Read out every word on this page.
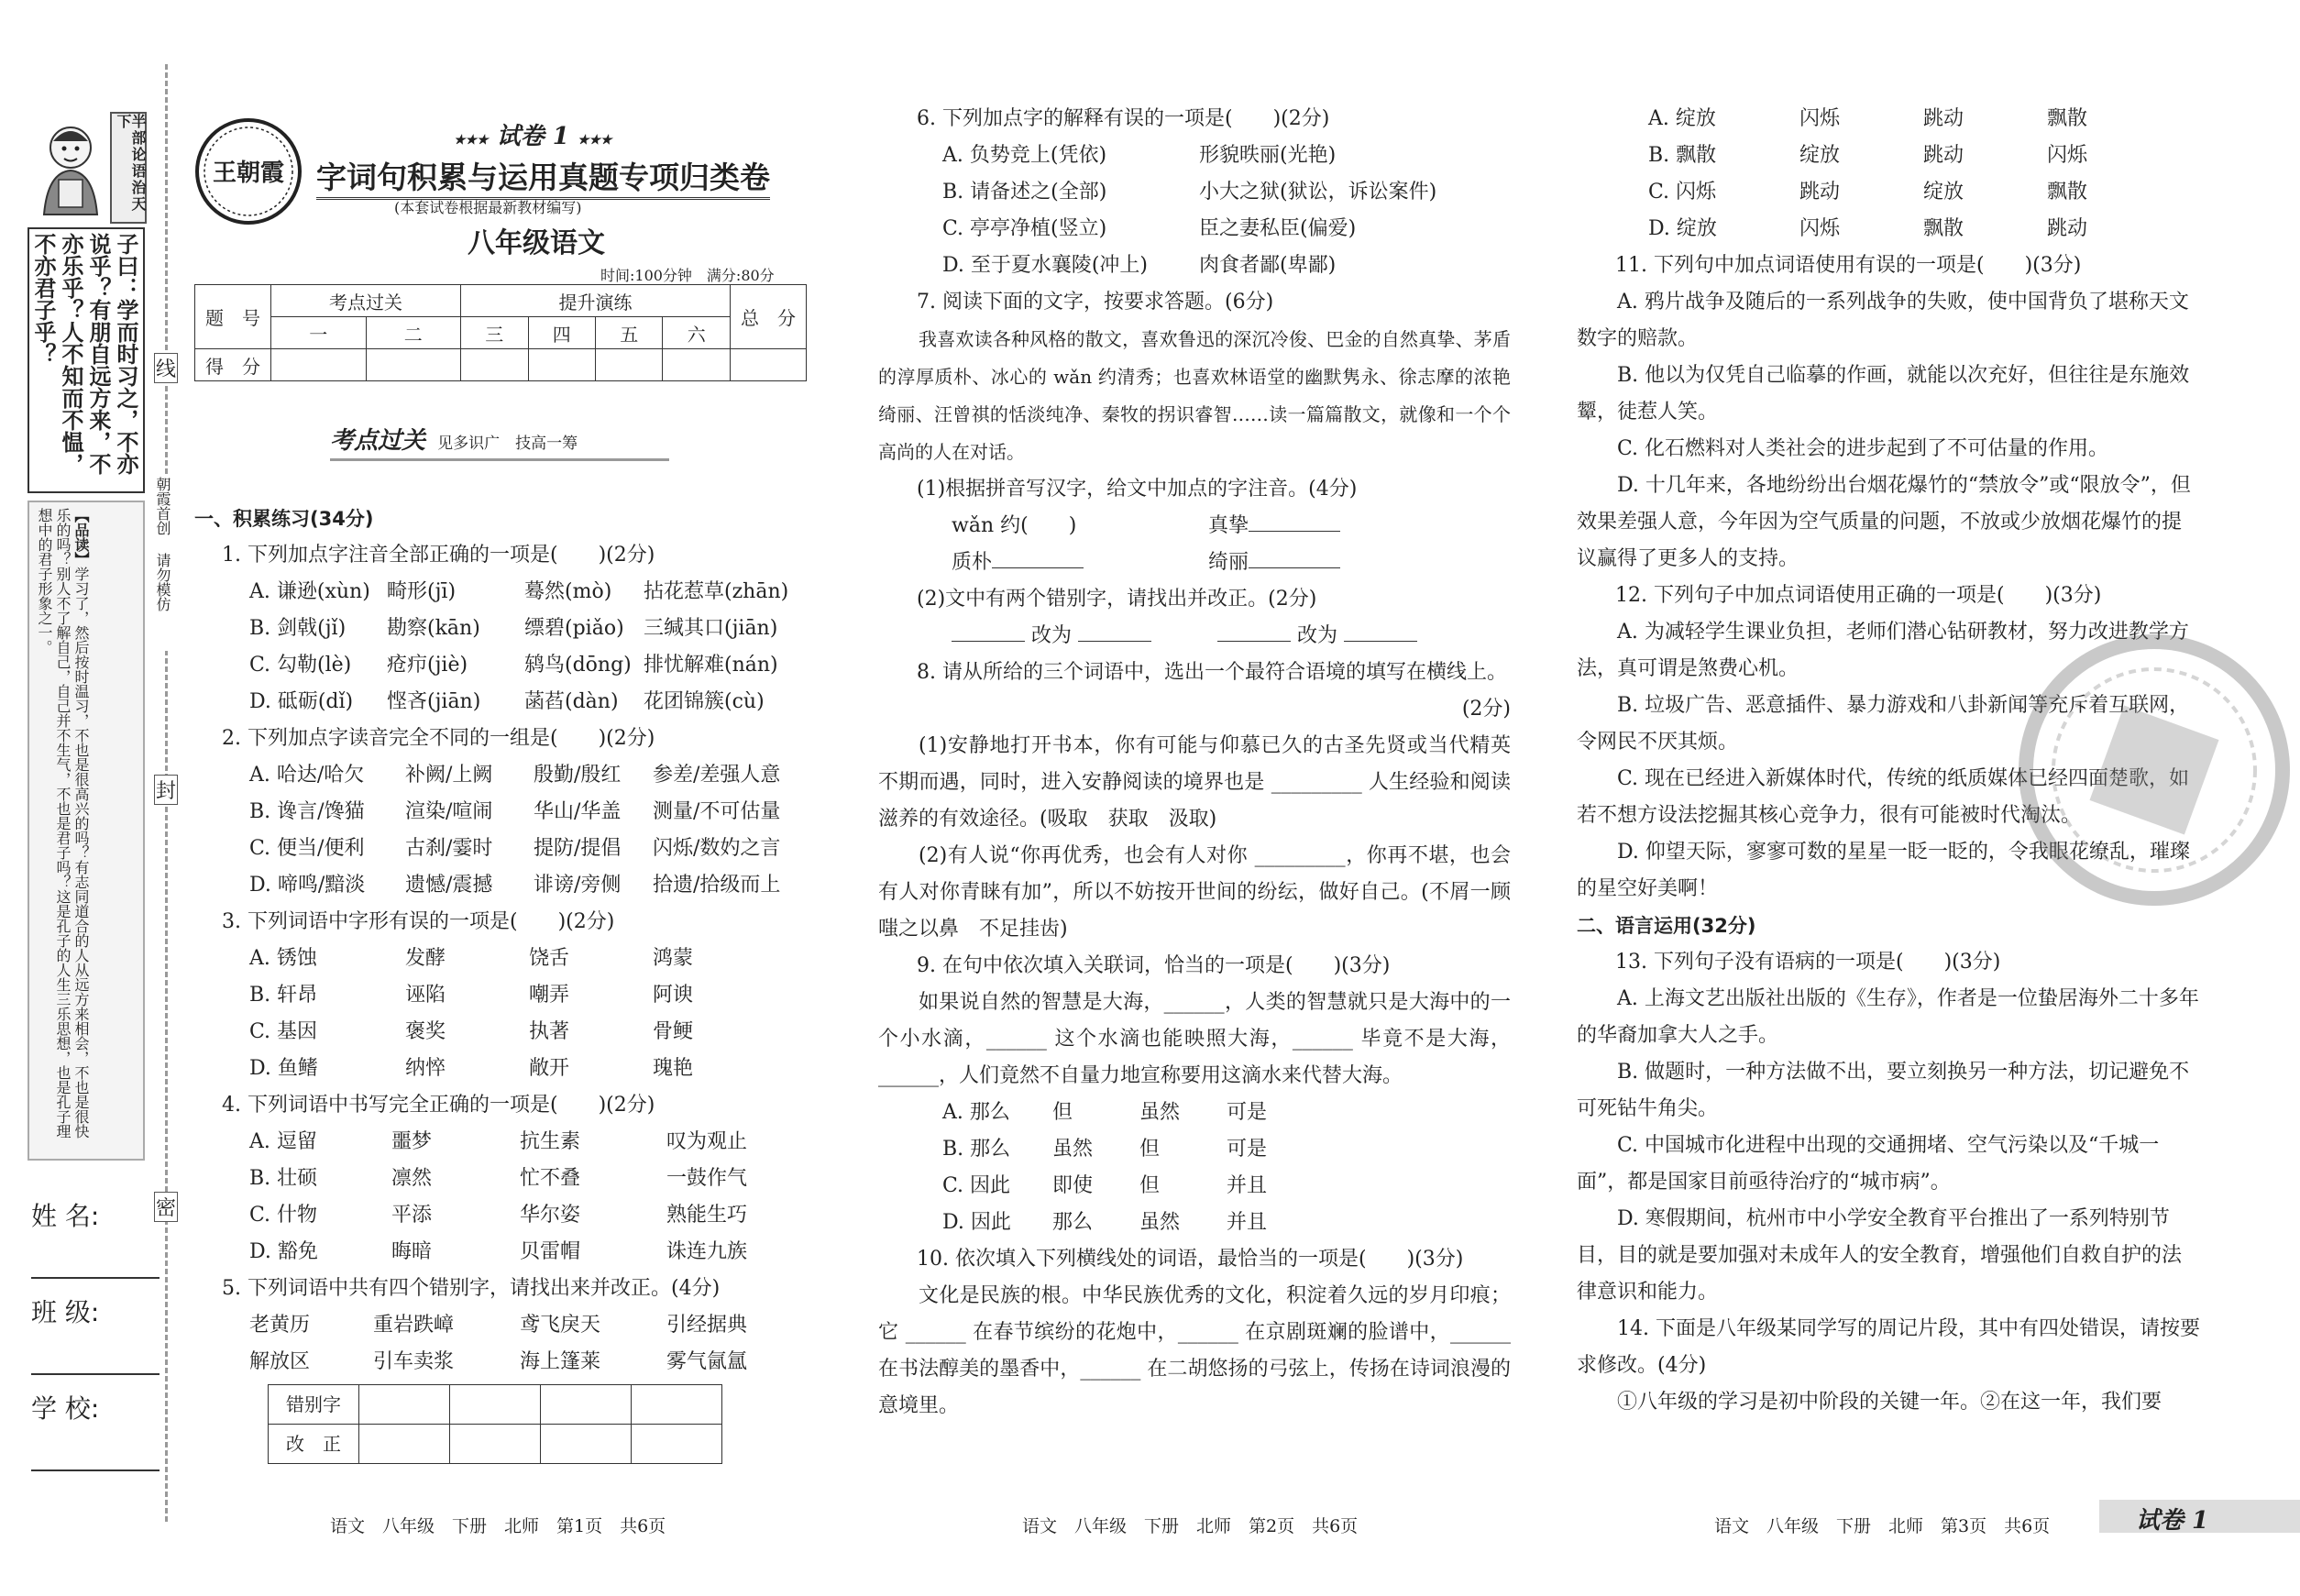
半部论语治天下
子曰：学而时习之，不亦说乎？有朋自远方来，不亦乐乎？人不知而不愠，不亦君子乎？
【品读】学习了，然后按时温习，不也是很高兴的吗？有志同道合的人从远方来相会，不也是很快乐的吗？别人不了解自己，自己并不生气，不也是君子吗？这是孔子的人生三乐思想，也是孔子理想中的君子形象之一。
姓 名:
班 级:
学 校:
线
朝霞首创 请勿模仿
封
密
王朝霞
★★★ 试卷 1 ★★★
字词句积累与运用真题专项归类卷
(本套试卷根据最新教材编写)
八年级语文
时间:100分钟　满分:80分
题　号	考点过关		提升演练				总　分
	一	二	三	四	五	六	
得　分							
考点过关 见多识广　技高一筹

一、积累练习(34分)

1. 下列加点字注音全部正确的一项是(　　)(2分)

A. 谦逊(xùn) 畸形(jī)	蓦然(mò)	拈花惹草(zhān)
B. 剑戟(jǐ)	勘察(kān)	缥碧(piǎo) 三缄其口(jiān)
C. 勾勒(lè)	疮疖(jiè)	鸫鸟(dōng) 排忧解难(nán)
D. 砥砺(dǐ)	悭吝(jiān)	菡萏(dàn)	花团锦簇(cù)

2. 下列加点字读音完全不同的一组是(　　)(2分)

A. 哈达/哈欠	补阙/上阙	殷勤/殷红	参差/差强人意
B. 谗言/馋猫	渲染/喧闹	华山/华盖	测量/不可估量
C. 便当/便利	古刹/霎时	提防/提倡	闪烁/数妁之言
D. 啼鸣/黯淡	遗憾/震撼	诽谤/旁侧	拾遗/拾级而上

3. 下列词语中字形有误的一项是(　　)(2分)

A. 锈蚀	发酵	饶舌	鸿蒙
B. 轩昂	诬陷	嘲弄	阿谀
C. 基因	褒奖	执著	骨鲠
D. 鱼鳍	纳悴	敞开	瑰艳

4. 下列词语中书写完全正确的一项是(　　)(2分)

A. 逗留	噩梦	抗生素	叹为观止
B. 壮硕	凛然	忙不叠	一鼓作气
C. 什物	平添	华尔姿	熟能生巧
D. 豁免	晦暗	贝雷帽	诛连九族

5. 下列词语中共有四个错别字，请找出来并改正。(4分)

老黄历	重岩跌嶂	鸢飞戾天	引经据典
解放区	引车卖浆	海上篷莱	雾气氤氲
错别字				
改　正				

6. 下列加点字的解释有误的一项是(　　)(2分)

A. 负势竞上(凭依)	形貌昳丽(光艳)
B. 请备述之(全部)	小大之狱(狱讼，诉讼案件)
C. 亭亭净植(竖立)	臣之妻私臣(偏爱)
D. 至于夏水襄陵(冲上)	肉食者鄙(卑鄙)

7. 阅读下面的文字，按要求答题。(6分)

我喜欢读各种风格的散文，喜欢鲁迅的深沉冷俊、巴金的自然真挚、茅盾的淳厚质朴、冰心的 wǎn 约清秀；也喜欢林语堂的幽默隽永、徐志摩的浓艳绮丽、汪曾祺的恬淡纯净、秦牧的拐识睿智……读一篇篇散文，就像和一个个高尚的人在对话。

(1)根据拼音写汉字，给文中加点的字注音。(4分)

wǎn 约(　　)	真挚
质朴	绮丽

(2)文中有两个错别字，请找出并改正。(2分)

改为	改为

8. 请从所给的三个词语中，选出一个最符合语境的填写在横线上。

(2分)

(1)安静地打开书本，你有可能与仰慕已久的古圣先贤或当代精英不期而遇，同时，进入安静阅读的境界也是 _________ 人生经验和阅读滋养的有效途径。(吸取　获取　汲取)

(2)有人说“你再优秀，也会有人对你 _________，你再不堪，也会有人对你青睐有加”，所以不妨按开世间的纷纭，做好自己。(不屑一顾　嗤之以鼻　不足挂齿)

9. 在句中依次填入关联词，恰当的一项是(　　)(3分)

如果说自然的智慧是大海，______，人类的智慧就只是大海中的一个小水滴，______ 这个水滴也能映照大海，______ 毕竟不是大海，______，人们竟然不自量力地宣称要用这滴水来代替大海。

A. 那么	但	虽然	可是
B. 那么	虽然	但	可是
C. 因此	即使	但	并且
D. 因此	那么	虽然	并且

10. 依次填入下列横线处的词语，最恰当的一项是(　　)(3分)

文化是民族的根。中华民族优秀的文化，积淀着久远的岁月印痕；它 ______ 在春节缤纷的花炮中，______ 在京剧斑斓的脸谱中，______ 在书法醇美的墨香中，______ 在二胡悠扬的弓弦上，传扬在诗词浪漫的意境里。

A. 绽放	闪烁	跳动	飘散
B. 飘散	绽放	跳动	闪烁
C. 闪烁	跳动	绽放	飘散
D. 绽放	闪烁	飘散	跳动

11. 下列句中加点词语使用有误的一项是(　　)(3分)

A. 鸦片战争及随后的一系列战争的失败，使中国背负了堪称天文数字的赔款。

B. 他以为仅凭自己临摹的作画，就能以次充好，但往往是东施效颦，徒惹人笑。

C. 化石燃料对人类社会的进步起到了不可估量的作用。

D. 十几年来，各地纷纷出台烟花爆竹的“禁放令”或“限放令”，但效果差强人意，今年因为空气质量的问题，不放或少放烟花爆竹的提议赢得了更多人的支持。

12. 下列句子中加点词语使用正确的一项是(　　)(3分)

A. 为减轻学生课业负担，老师们潜心钻研教材，努力改进教学方法，真可谓是煞费心机。

B. 垃圾广告、恶意插件、暴力游戏和八卦新闻等充斥着互联网，令网民不厌其烦。

C. 现在已经进入新媒体时代，传统的纸质媒体已经四面楚歌，如若不想方设法挖掘其核心竞争力，很有可能被时代淘汰。

D. 仰望天际，寥寥可数的星星一眨一眨的，令我眼花缭乱，璀璨的星空好美啊！

二、语言运用(32分)

13. 下列句子没有语病的一项是(　　)(3分)

A. 上海文艺出版社出版的《生存》，作者是一位蛰居海外二十多年的华裔加拿大人之手。

B. 做题时，一种方法做不出，要立刻换另一种方法，切记避免不可死钻牛角尖。

C. 中国城市化进程中出现的交通拥堵、空气污染以及“千城一面”，都是国家目前亟待治疗的“城市病”。

D. 寒假期间，杭州市中小学安全教育平台推出了一系列特别节目，目的就是要加强对未成年人的安全教育，增强他们自救自护的法律意识和能力。

14. 下面是八年级某同学写的周记片段，其中有四处错误，请按要求修改。(4分)

①八年级的学习是初中阶段的关键一年。②在这一年，我们要

语文　八年级　下册　北师　第1页　共6页	语文　八年级　下册　北师　第2页　共6页	语文　八年级　下册　北师　第3页　共6页	试卷 1
